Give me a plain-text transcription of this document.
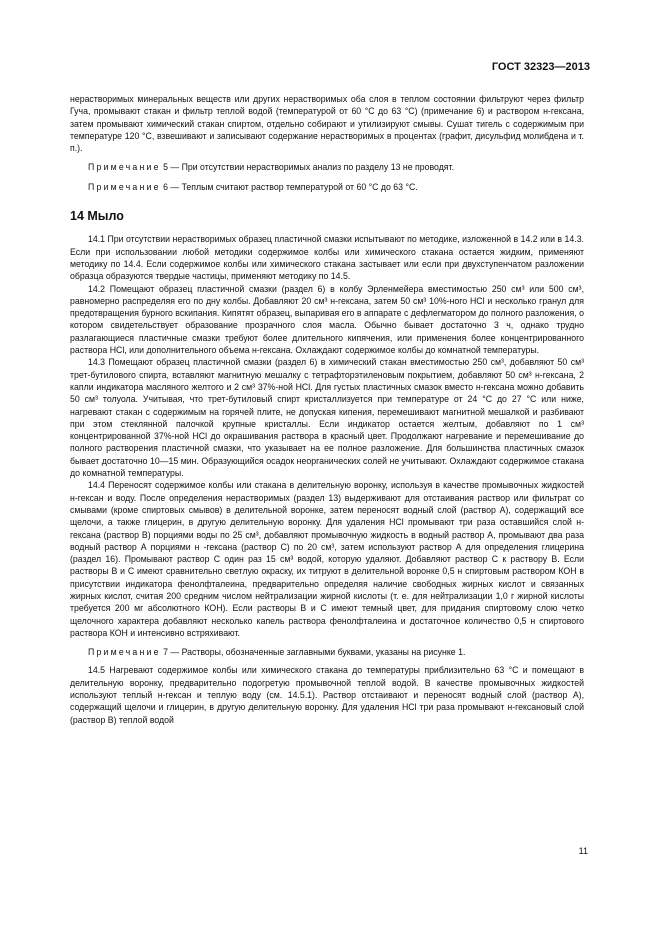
ГОСТ 32323—2013

нерастворимых минеральных веществ или других нерастворимых оба слоя в теплом состоянии фильтруют через фильтр Гуча, промывают стакан и фильтр теплой водой (температурой от 60 °С до 63 °С) (примечание 6) и раствором н-гексана, затем промывают химический стакан спиртом, отдельно собирают и утилизируют смывы. Сушат тигель с содержимым при температуре 120 °С, взвешивают и записывают содержание нерастворимых в процентах (графит, дисульфид молибдена и т. п.).

Примечание 5 — При отсутствии нерастворимых анализ по разделу 13 не проводят.

Примечание 6 — Теплым считают раствор температурой от 60 °С до 63 °С.

14 Мыло

14.1 При отсутствии нерастворимых образец пластичной смазки испытывают по методике, изложенной в 14.2 или в 14.3. Если при использовании любой методики содержимое колбы или химического стакана остается жидким, применяют методику по 14.4. Если содержимое колбы или химического стакана застывает или если при двухступенчатом разложении образца образуются твердые частицы, применяют методику по 14.5.

14.2 Помещают образец пластичной смазки (раздел 6) в колбу Эрленмейера вместимостью 250 см³ или 500 см³, равномерно распределяя его по дну колбы. Добавляют 20 см³ н-гексана, затем 50 см³ 10%-ного HCl и несколько гранул для предотвращения бурного вскипания. Кипятят образец, выпаривая его в аппарате с дефлегматором до полного разложения, о котором свидетельствует образование прозрачного слоя масла. Обычно бывает достаточно 3 ч, однако трудно разлагающиеся пластичные смазки требуют более длительного кипячения, или применения более концентрированного раствора HCl, или дополнительного объема н-гексана. Охлаждают содержимое колбы до комнатной температуры.

14.3 Помещают образец пластичной смазки (раздел 6) в химический стакан вместимостью 250 см³, добавляют 50 см³ трет-бутилового спирта, вставляют магнитную мешалку с тетрафторэтиленовым покрытием, добавляют 50 см³ н-гексана, 2 капли индикатора масляного желтого и 2 см³ 37%-ной HCl. Для густых пластичных смазок вместо н-гексана можно добавить 50 см³ толуола. Учитывая, что трет-бутиловый спирт кристаллизуется при температуре от 24 °С до 27 °С или ниже, нагревают стакан с содержимым на горячей плите, не допуская кипения, перемешивают магнитной мешалкой и разбивают при этом стеклянной палочкой крупные кристаллы. Если индикатор остается желтым, добавляют по 1 см³ концентрированной 37%-ной HCl до окрашивания раствора в красный цвет. Продолжают нагревание и перемешивание до полного растворения пластичной смазки, что указывает на ее полное разложение. Для большинства пластичных смазок бывает достаточно 10—15 мин. Образующийся осадок неорганических солей не учитывают. Охлаждают содержимое стакана до комнатной температуры.

14.4 Переносят содержимое колбы или стакана в делительную воронку, используя в качестве промывочных жидкостей н-гексан и воду. После определения нерастворимых (раздел 13) выдерживают для отстаивания раствор или фильтрат со смывами (кроме спиртовых смывов) в делительной воронке, затем переносят водный слой (раствор А), содержащий все щелочи, а также глицерин, в другую делительную воронку. Для удаления HCl промывают три раза оставшийся слой н-гексана (раствор В) порциями воды по 25 см³, добавляют промывочную жидкость в водный раствор А, промывают два раза водный раствор А порциями н -гексана (раствор С) по 20 см³, затем используют раствор А для определения глицерина (раздел 16). Промывают раствор С один раз 15 см³ водой, которую удаляют. Добавляют раствор С к раствору В. Если растворы В и С имеют сравнительно светлую окраску, их титруют в делительной воронке 0,5 н спиртовым раствором КОН в присутствии индикатора фенолфталеина, предварительно определяя наличие свободных жирных кислот и связанных жирных кислот, считая 200 средним числом нейтрализации жирной кислоты (т. е. для нейтрализации 1,0 г жирной кислоты требуется 200 мг абсолютного КОН). Если растворы В и С имеют темный цвет, для придания спиртовому слою четко щелочного характера добавляют несколько капель раствора фенолфталеина и достаточное количество 0,5 н спиртового раствора КОН и интенсивно встряхивают.

Примечание 7 — Растворы, обозначенные заглавными буквами, указаны на рисунке 1.

14.5 Нагревают содержимое колбы или химического стакана до температуры приблизительно 63 °С и помещают в делительную воронку, предварительно подогретую промывочной теплой водой. В качестве промывочных жидкостей используют теплый н-гексан и теплую воду (см. 14.5.1). Раствор отстаивают и переносят водный слой (раствор А), содержащий щелочи и глицерин, в другую делительную воронку. Для удаления HCl три раза промывают н-гексановый слой (раствор В) теплой водой

11
